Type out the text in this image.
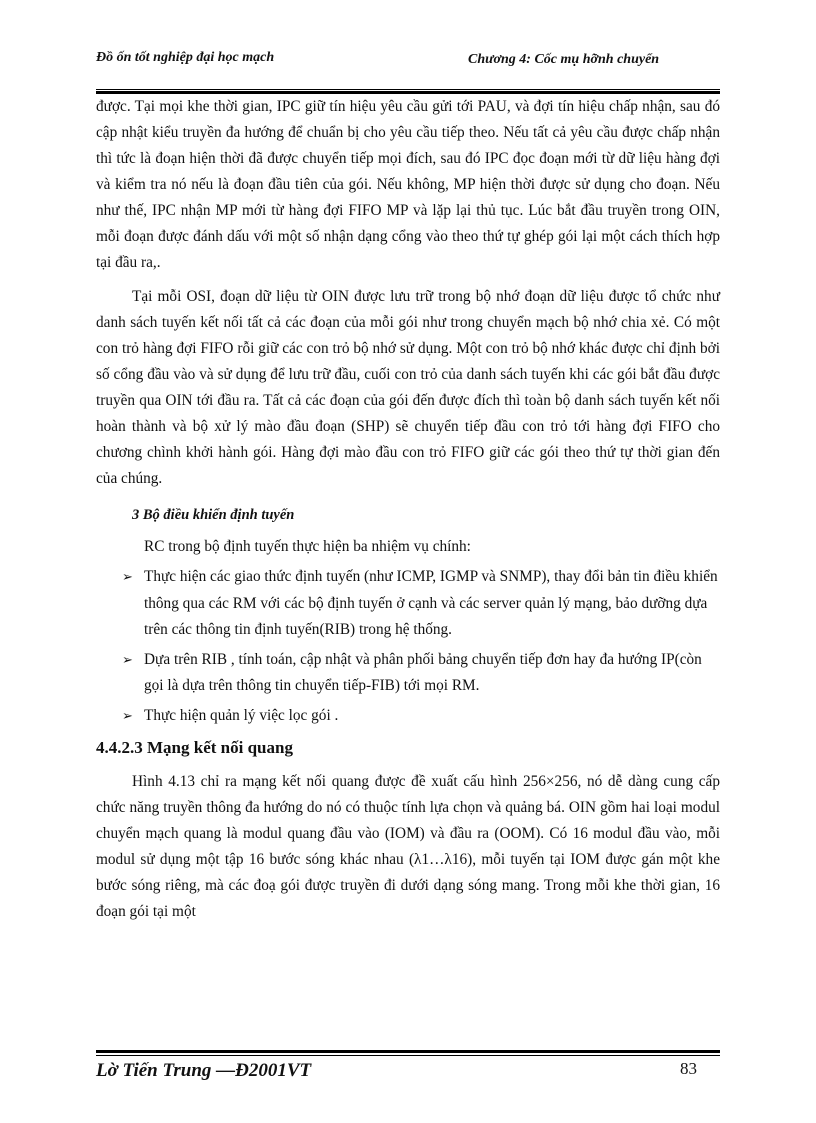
Đồ ốn tốt nghiệp đại học mạch	Chương 4: Cốc mụ hỡnh chuyển

được. Tại mọi khe thời gian, IPC giữ tín hiệu yêu cầu gửi tới PAU, và đợi tín hiệu chấp nhận, sau đó cập nhật kiểu truyền đa hướng để chuẩn bị cho yêu cầu tiếp theo. Nếu tất cả yêu cầu được chấp nhận thì tức là đoạn hiện thời đã được chuyển tiếp mọi đích, sau đó IPC đọc đoạn mới từ dữ liệu hàng đợi và kiểm tra nó nếu là đoạn đầu tiên của gói. Nếu không, MP hiện thời được sử dụng cho đoạn. Nếu như thế, IPC nhận MP mới từ hàng đợi FIFO MP và lặp lại thủ tục. Lúc bắt đầu truyền trong OIN, mỗi đoạn được đánh dấu với một số nhận dạng cổng vào theo thứ tự ghép gói lại một cách thích hợp tại đầu ra,.

Tại mỗi OSI, đoạn dữ liệu từ OIN được lưu trữ trong bộ nhớ đoạn dữ liệu được tổ chức như danh sách tuyến kết nối tất cả các đoạn của mỗi gói như trong chuyển mạch bộ nhớ chia xẻ. Có một con trỏ hàng đợi FIFO rỗi giữ các con trỏ bộ nhớ sử dụng. Một con trỏ bộ nhớ khác được chỉ định bởi số cổng đầu vào và sử dụng để lưu trữ đầu, cuối con trỏ của danh sách tuyến khi các gói bắt đầu được truyền qua OIN tới đầu ra. Tất cả các đoạn của gói đến được đích thì toàn bộ danh sách tuyến kết nối hoàn thành và bộ xử lý mào đầu đoạn (SHP) sẽ chuyển tiếp đầu con trỏ tới hàng đợi FIFO cho chương chình khởi hành gói. Hàng đợi mào đầu con trỏ FIFO giữ các gói theo thứ tự thời gian đến của chúng.

3 Bộ điều khiển định tuyến
RC trong bộ định tuyến thực hiện ba nhiệm vụ chính:
➢ Thực hiện các giao thức định tuyến (như ICMP, IGMP và SNMP), thay đổi bản tin điều khiển thông qua các RM với các bộ định tuyến ở cạnh và các server quản lý mạng, bảo dưỡng dựa trên các thông tin định tuyến(RIB) trong hệ thống.
➢ Dựa trên RIB , tính toán, cập nhật và phân phối bảng chuyển tiếp đơn hay đa hướng IP(còn gọi là dựa trên thông tin chuyển tiếp-FIB) tới mọi RM.
➢ Thực hiện quản lý việc lọc gói .
4.4.2.3 Mạng kết nối quang

Hình 4.13 chỉ ra mạng kết nối quang được đề xuất cấu hình 256×256, nó dễ dàng cung cấp chức năng truyền thông đa hướng do nó có thuộc tính lựa chọn và quảng bá. OIN gồm hai loại modul chuyển mạch quang là modul quang đầu vào (IOM) và đầu ra (OOM). Có 16 modul đầu vào, mỗi modul sử dụng một tập 16 bước sóng khác nhau (λ1…λ16), mỗi tuyến tại IOM được gán một khe bước sóng riêng, mà các đoạ gói được truyền đi dưới dạng sóng mang. Trong mỗi khe thời gian, 16 đoạn gói tại một

Lờ Tiến Trung —Đ2001VT	83
